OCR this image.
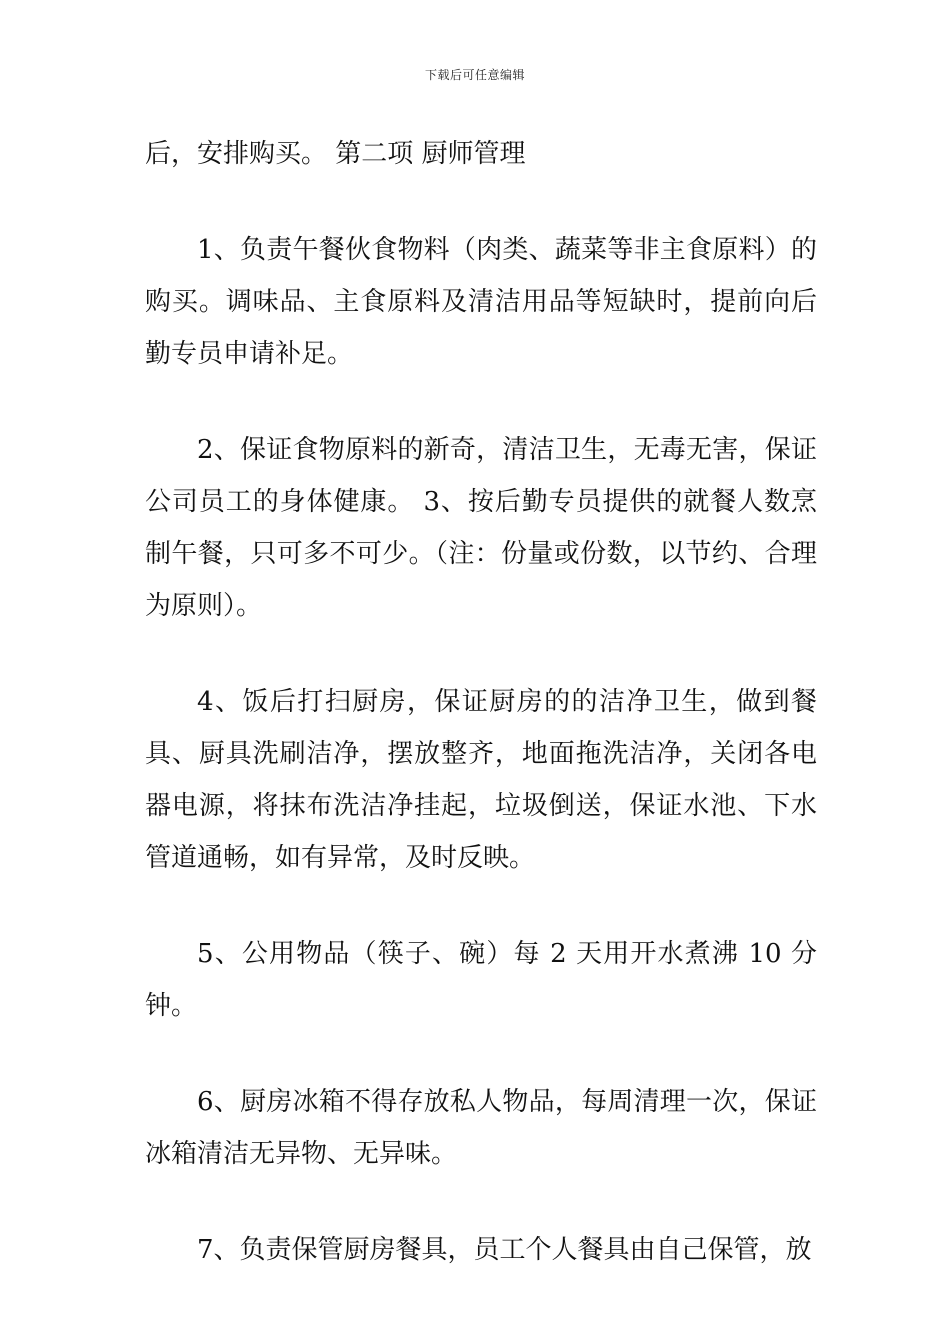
下载后可任意编辑

后，安排购买。 第二项 厨师管理

1、负责午餐伙食物料（肉类、蔬菜等非主食原料）的购买。调味品、主食原料及清洁用品等短缺时，提前向后勤专员申请补足。

2、保证食物原料的新奇，清洁卫生，无毒无害，保证公司员工的身体健康。 3、按后勤专员提供的就餐人数烹制午餐，只可多不可少。（注：份量或份数，以节约、合理为原则）。

4、饭后打扫厨房，保证厨房的的洁净卫生，做到餐具、厨具洗刷洁净，摆放整齐，地面拖洗洁净，关闭各电器电源，将抹布洗洁净挂起，垃圾倒送，保证水池、下水管道通畅，如有异常，及时反映。

5、公用物品（筷子、碗）每 2 天用开水煮沸 10 分钟。

6、厨房冰箱不得存放私人物品，每周清理一次，保证冰箱清洁无异物、无异味。

7、负责保管厨房餐具，员工个人餐具由自己保管，放
